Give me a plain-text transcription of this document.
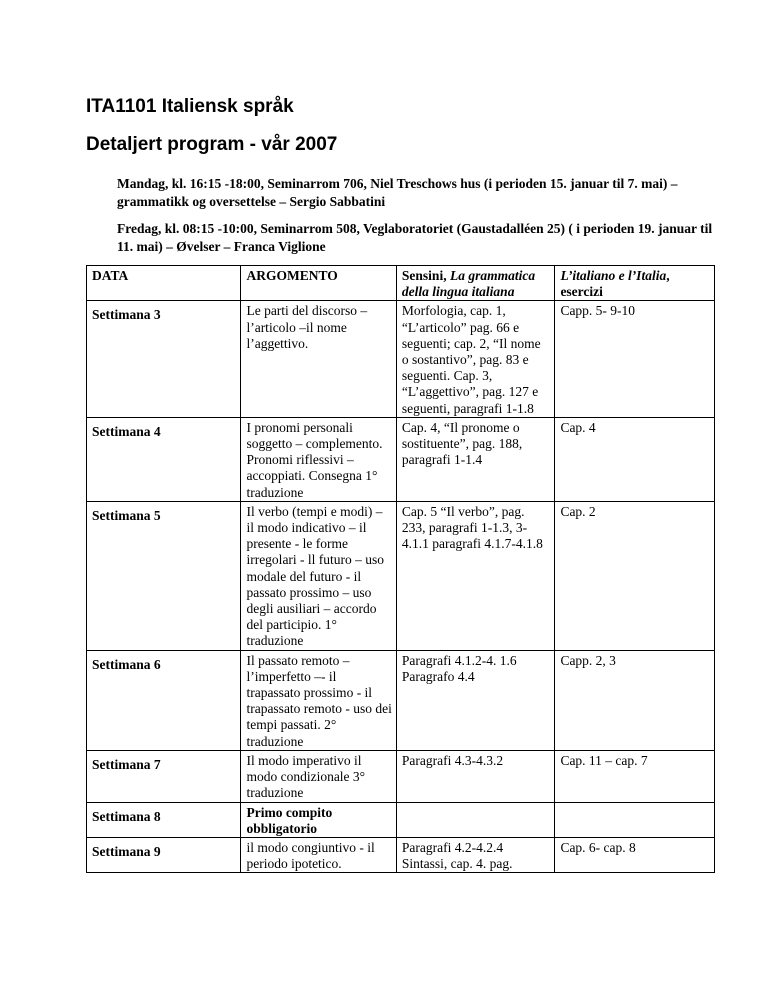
ITA1101 Italiensk språk
Detaljert program - vår 2007

Mandag, kl. 16:15 -18:00, Seminarrom 706, Niel Treschows hus (i perioden 15. januar til 7. mai) – grammatikk og oversettelse – Sergio Sabbatini

Fredag, kl. 08:15 -10:00, Seminarrom 508, Veglaboratoriet (Gaustadalléen 25) ( i perioden 19. januar til 11. mai) – Øvelser – Franca Viglione

DATA	ARGOMENTO	Sensini, La grammatica della lingua italiana	L’italiano e l’Italia, esercizi
Settimana 3	Le parti del discorso – l’articolo –il nome l’aggettivo.	Morfologia, cap. 1, “L’articolo” pag. 66 e seguenti; cap. 2, “Il nome o sostantivo”, pag. 83 e seguenti. Cap. 3, “L’aggettivo”, pag. 127 e seguenti, paragrafi 1-1.8	Capp. 5- 9-10
Settimana 4	I pronomi personali soggetto – complemento. Pronomi riflessivi –accoppiati. Consegna 1° traduzione	Cap. 4, “Il pronome o sostituente”, pag. 188, paragrafi 1-1.4	Cap. 4
Settimana 5	Il verbo (tempi e modi) – il modo indicativo – il presente - le forme irregolari - ll futuro – uso modale del futuro - il passato prossimo – uso degli ausiliari – accordo del participio. 1° traduzione	Cap. 5 “Il verbo”, pag. 233, paragrafi 1-1.3, 3-4.1.1 paragrafi 4.1.7-4.1.8	Cap. 2
Settimana 6	Il passato remoto – l’imperfetto –- il trapassato prossimo - il trapassato remoto - uso dei tempi passati. 2° traduzione	Paragrafi 4.1.2-4. 1.6 Paragrafo 4.4	Capp. 2, 3
Settimana 7	Il modo imperativo il modo condizionale 3° traduzione	Paragrafi 4.3-4.3.2	Cap. 11 – cap. 7
Settimana 8	Primo compito obbligatorio		
Settimana 9	il modo congiuntivo - il periodo ipotetico.	Paragrafi 4.2-4.2.4 Sintassi, cap. 4. pag.	Cap. 6- cap. 8
